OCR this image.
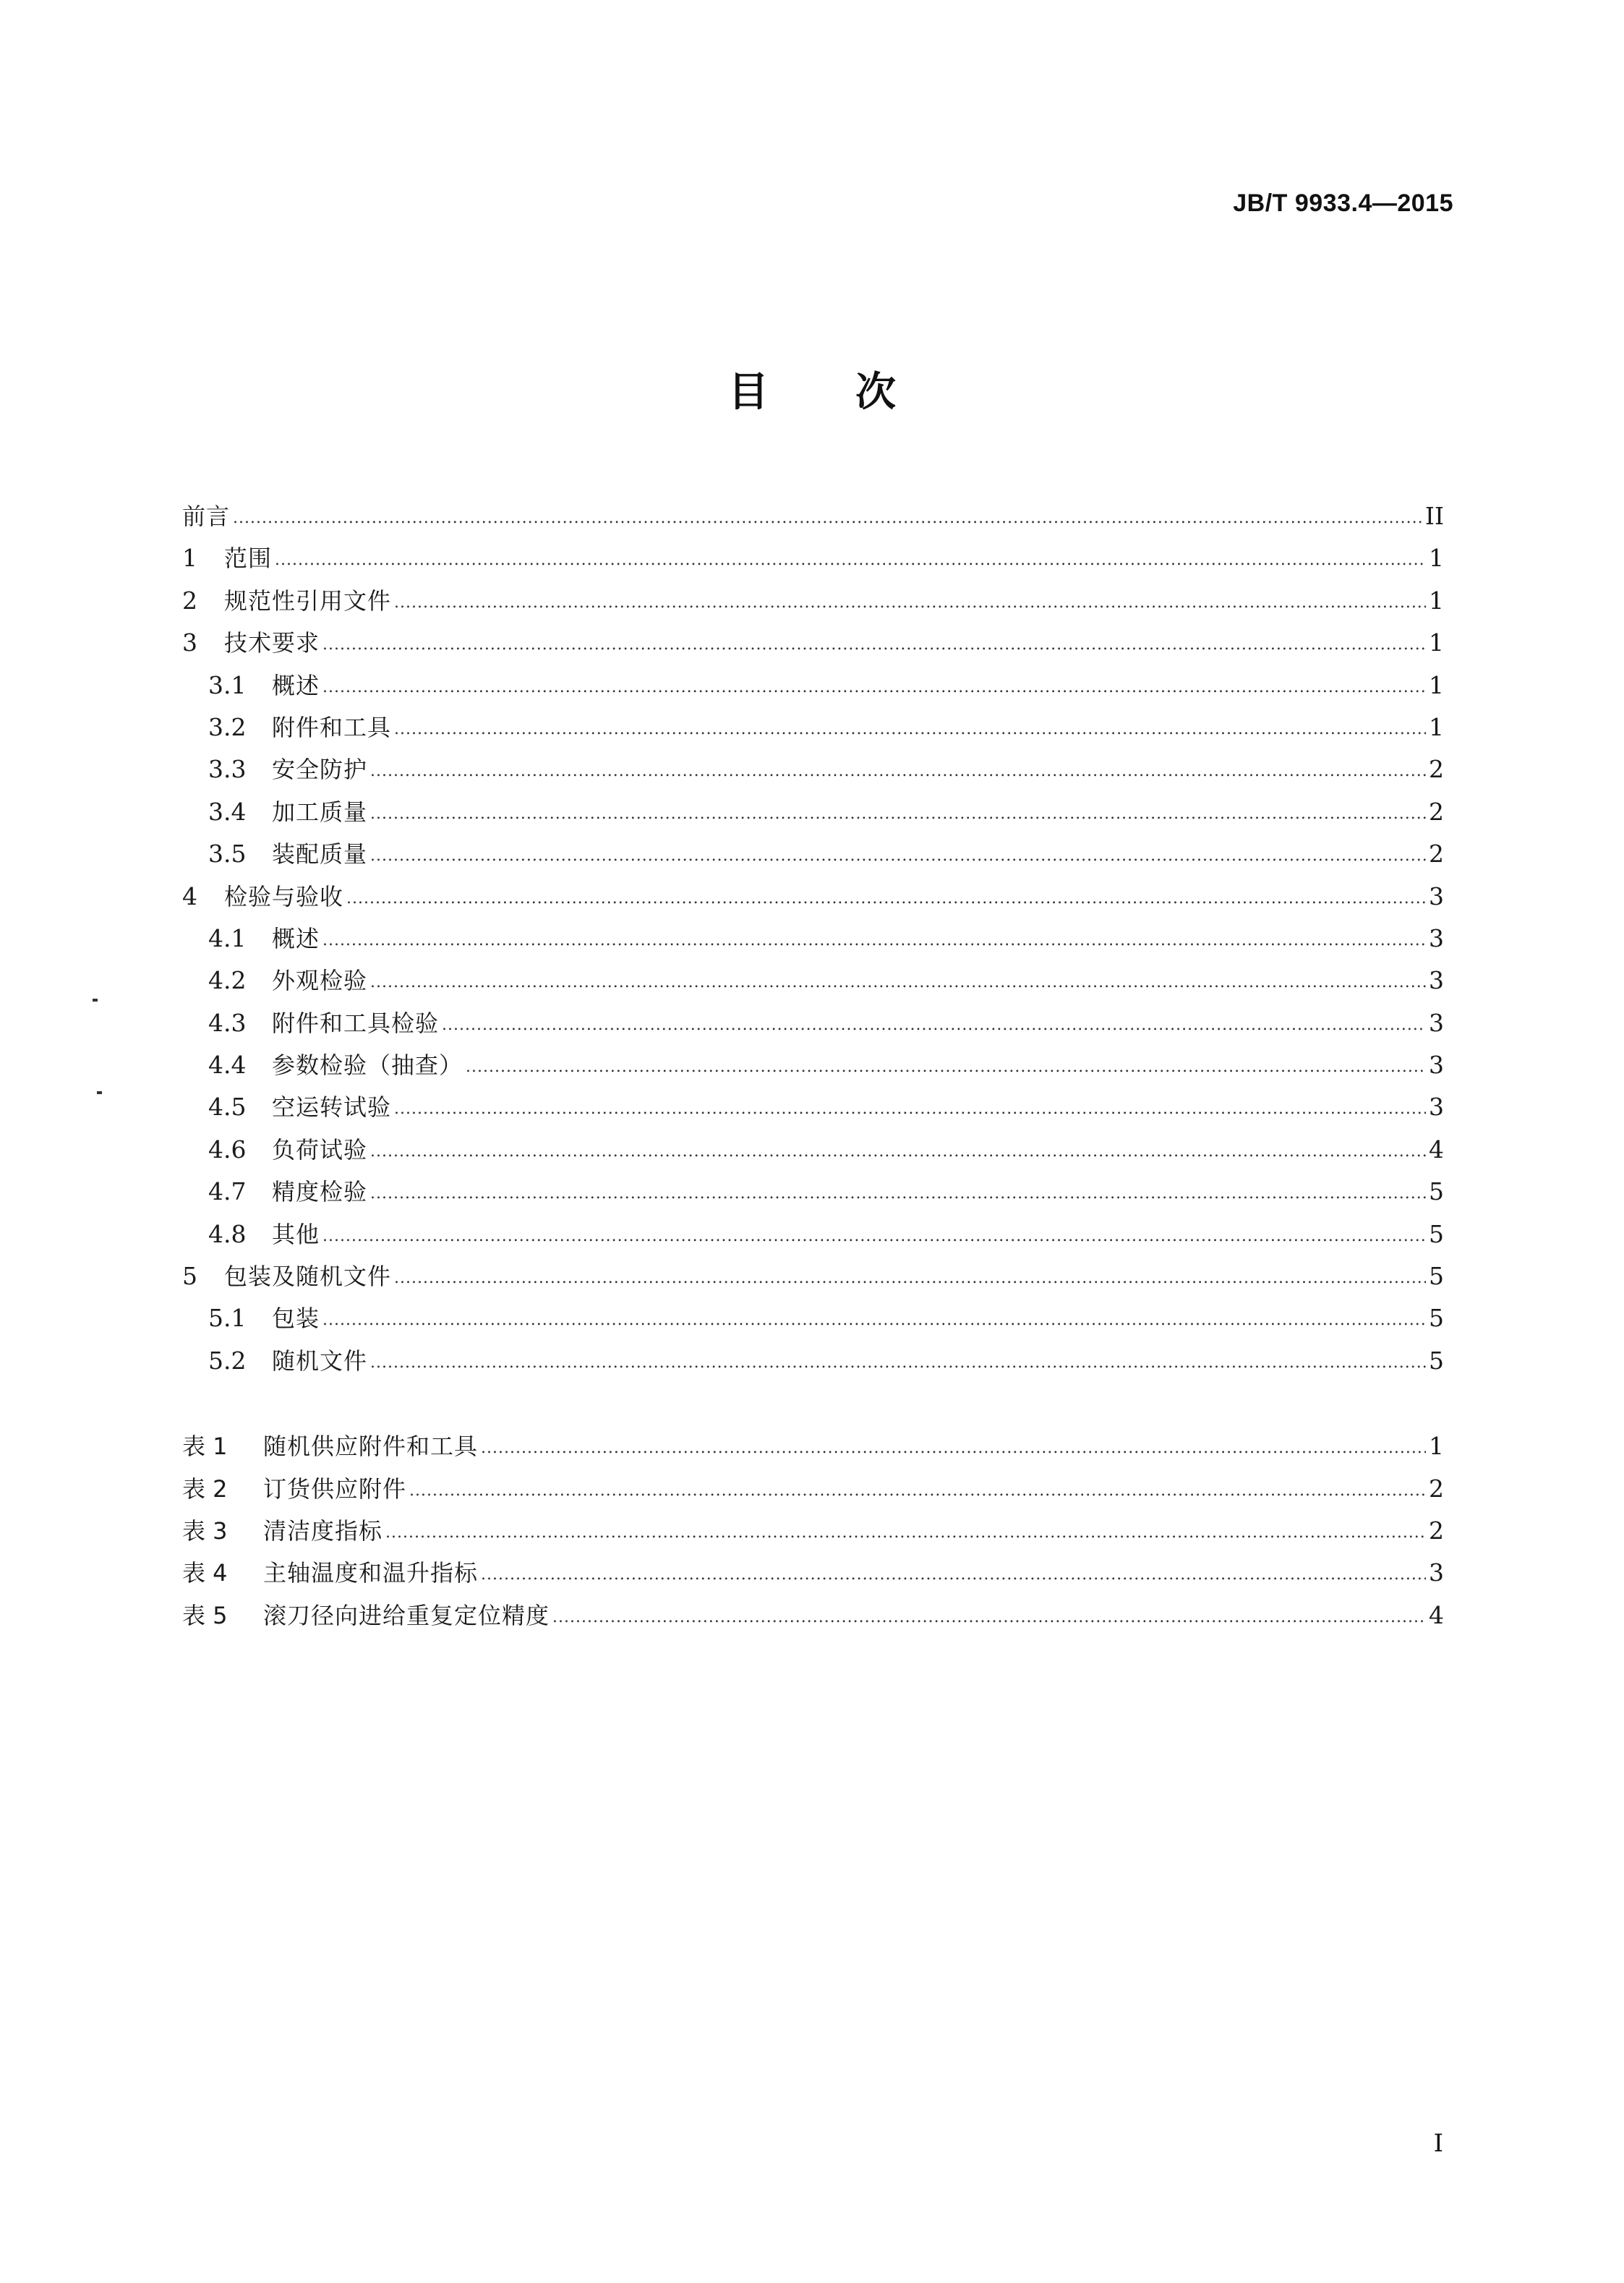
JB/T 9933.4—2015
目 次
前言 .....	II
1	范围 .....	1
2	规范性引用文件 .....	1
3	技术要求 .....	1
3.1	概述 .....	1
3.2	附件和工具 .....	1
3.3	安全防护 .....	2
3.4	加工质量 .....	2
3.5	装配质量 .....	2
4	检验与验收 .....	3
4.1	概述 .....	3
4.2	外观检验 .....	3
4.3	附件和工具检验 .....	3
4.4	参数检验（抽查） .....	3
4.5	空运转试验 .....	3
4.6	负荷试验 .....	4
4.7	精度检验 .....	5
4.8	其他 .....	5
5	包装及随机文件 .....	5
5.1	包装 .....	5
5.2	随机文件 .....	5
表 1	随机供应附件和工具 .....	1
表 2	订货供应附件 .....	2
表 3	清洁度指标 .....	2
表 4	主轴温度和温升指标 .....	3
表 5	滚刀径向进给重复定位精度 .....	4
I
